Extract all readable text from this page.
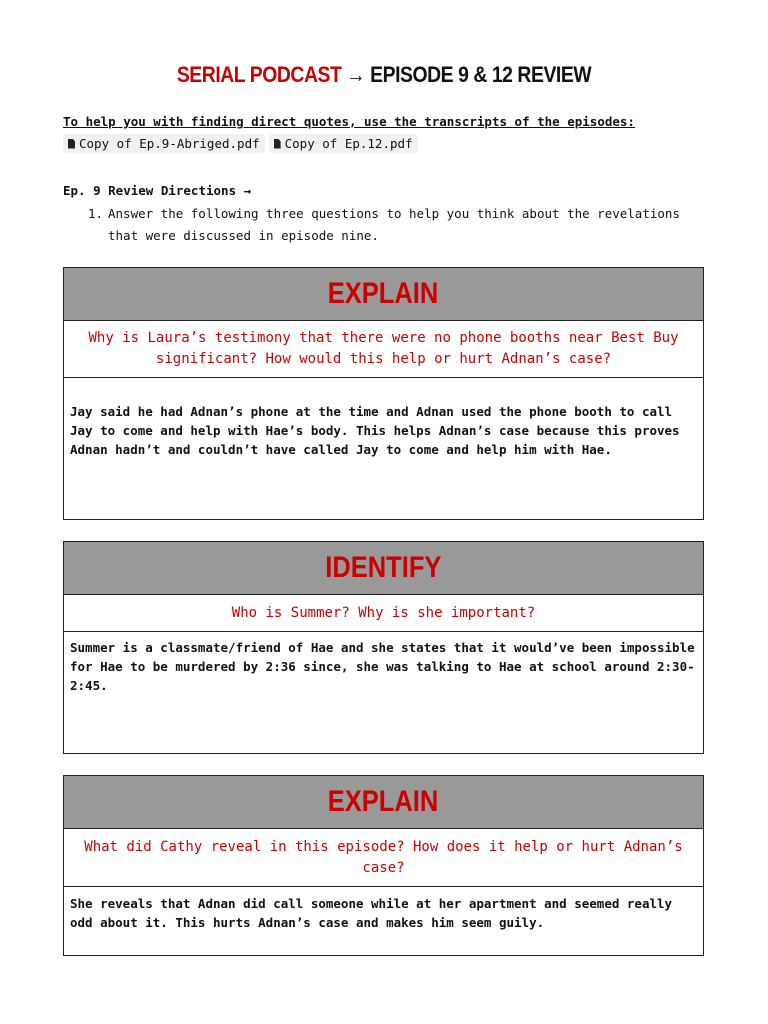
SERIAL PODCAST → EPISODE 9 & 12 REVIEW
To help you with finding direct quotes, use the transcripts of the episodes:
Copy of Ep.9-Abriged.pdf Copy of Ep.12.pdf
Ep. 9 Review Directions →
1. Answer the following three questions to help you think about the revelations that were discussed in episode nine.
EXPLAIN
Why is Laura’s testimony that there were no phone booths near Best Buy significant? How would this help or hurt Adnan’s case?
Jay said he had Adnan’s phone at the time and Adnan used the phone booth to call Jay to come and help with Hae’s body. This helps Adnan’s case because this proves Adnan hadn’t and couldn’t have called Jay to come and help him with Hae.
IDENTIFY
Who is Summer? Why is she important?
Summer is a classmate/friend of Hae and she states that it would’ve been impossible for Hae to be murdered by 2:36 since, she was talking to Hae at school around 2:30-2:45.
EXPLAIN
What did Cathy reveal in this episode? How does it help or hurt Adnan’s case?
She reveals that Adnan did call someone while at her apartment and seemed really odd about it. This hurts Adnan’s case and makes him seem guily.
